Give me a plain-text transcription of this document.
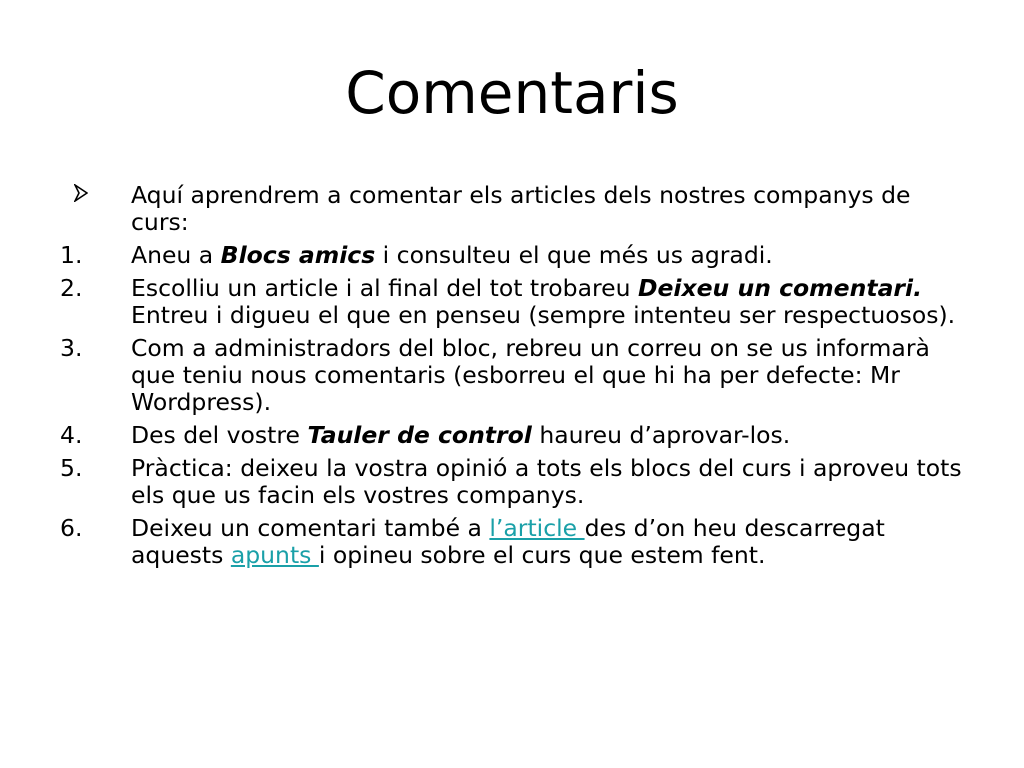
Comentaris
Aquí aprendrem a comentar els articles dels nostres companys de curs:
1.	Aneu a Blocs amics i consulteu el que més us agradi.
2.	Escolliu un article i al final del tot trobareu Deixeu un comentari. Entreu i digueu el que en penseu (sempre intenteu ser respectuosos).
3.	Com a administradors del bloc, rebreu un correu on se us informarà que teniu nous comentaris (esborreu el que hi ha per defecte: Mr Wordpress).
4.	Des del vostre Tauler de control haureu d’aprovar-los.
5.	Pràctica: deixeu la vostra opinió a tots els blocs del curs i aproveu tots els que us facin els vostres companys.
6.	Deixeu un comentari també a l’article des d’on heu descarregat aquests apunts i opineu sobre el curs que estem fent.
